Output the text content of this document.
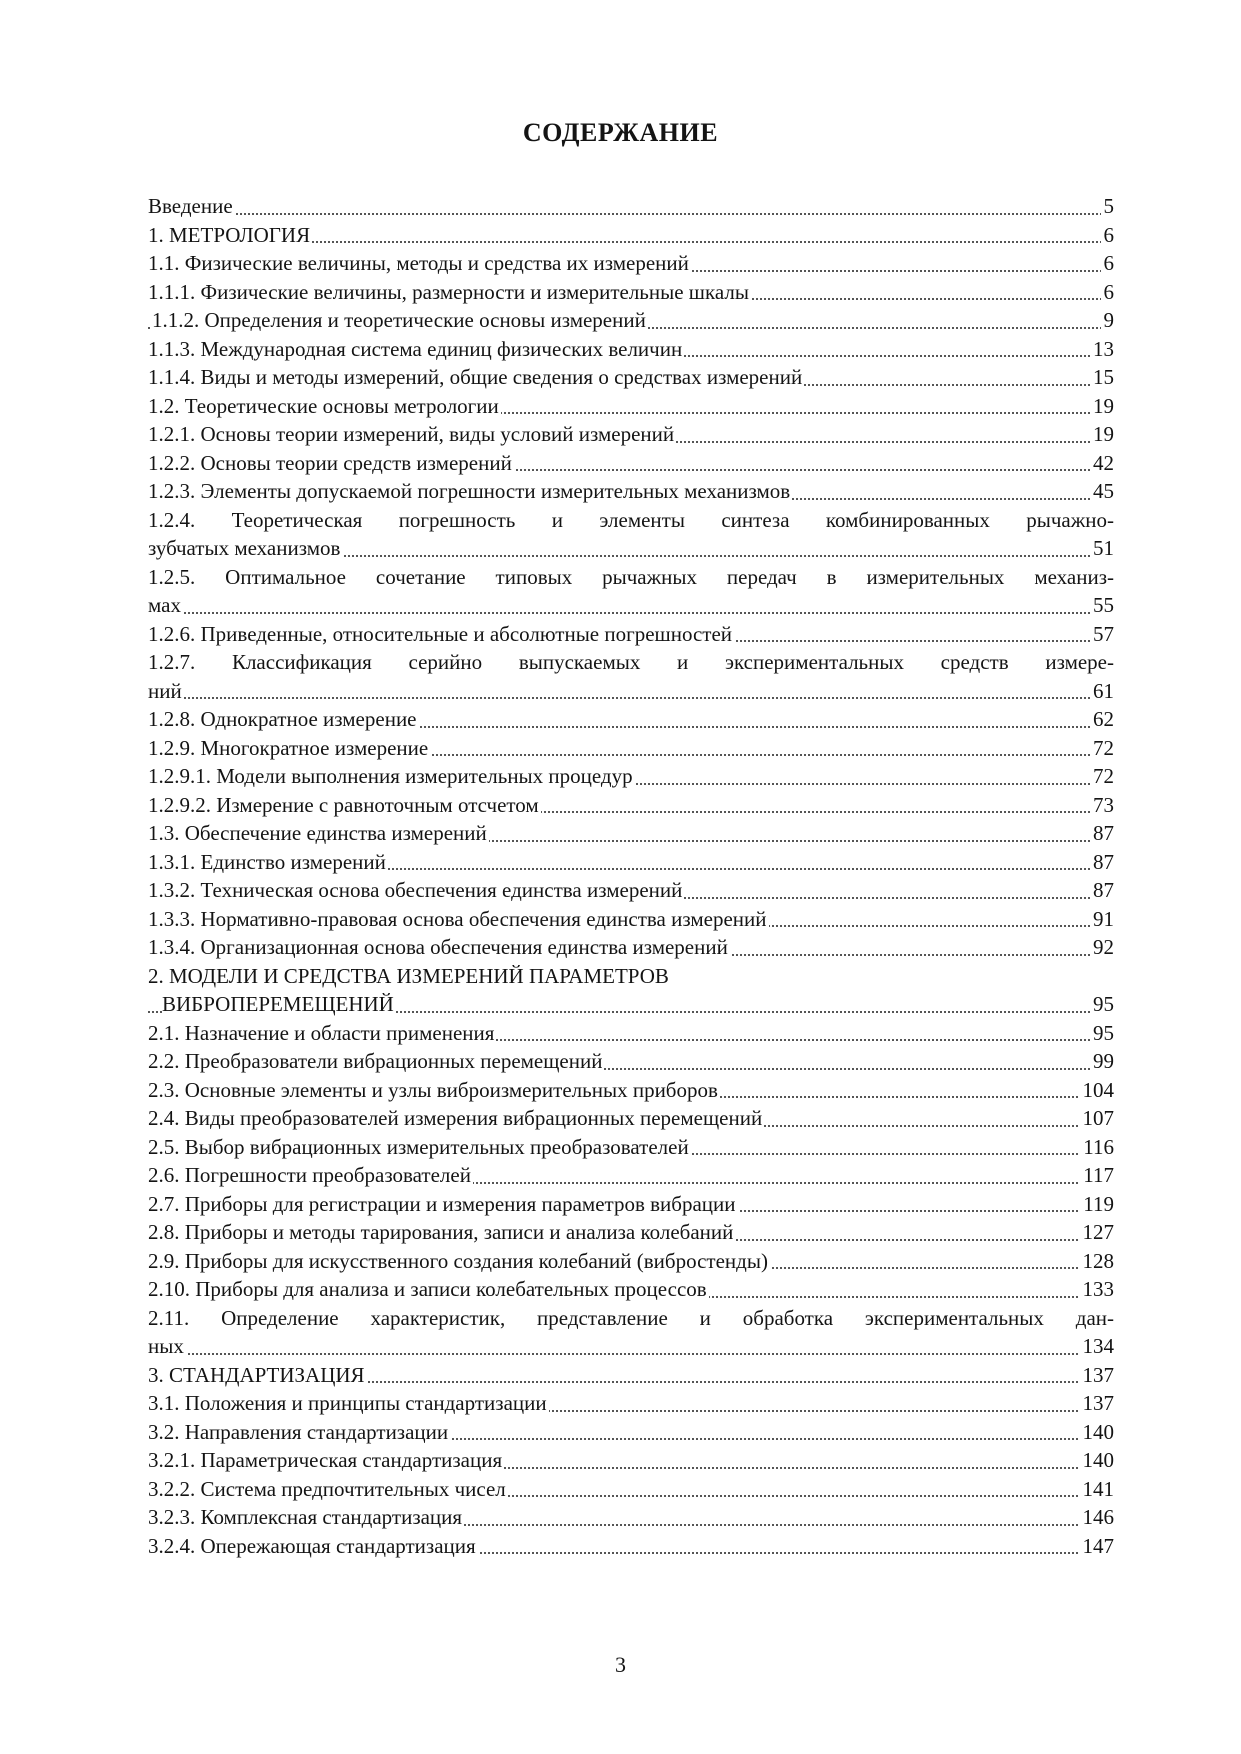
СОДЕРЖАНИЕ
Введение	5
1. МЕТРОЛОГИЯ	6
1.1. Физические величины, методы и средства их измерений	6
1.1.1. Физические величины, размерности и измерительные шкалы	6
1.1.2. Определения и теоретические основы измерений	9
1.1.3. Международная система единиц физических величин	13
1.1.4. Виды и методы измерений, общие сведения о средствах измерений	15
1.2. Теоретические основы метрологии	19
1.2.1. Основы теории измерений, виды условий измерений	19
1.2.2. Основы теории средств измерений	42
1.2.3. Элементы допускаемой погрешности измерительных механизмов	45
1.2.4. Теоретическая погрешность и элементы синтеза комбинированных рычажно-
зубчатых механизмов	51
1.2.5. Оптимальное сочетание типовых рычажных передач в измерительных механиз-
мах	55
1.2.6. Приведенные, относительные и абсолютные погрешностей	57
1.2.7. Классификация серийно выпускаемых и экспериментальных средств измере-
ний	61
1.2.8. Однократное измерение	62
1.2.9. Многократное измерение	72
1.2.9.1. Модели выполнения измерительных процедур	72
1.2.9.2. Измерение с равноточным отсчетом	73
1.3. Обеспечение единства измерений	87
1.3.1. Единство измерений	87
1.3.2. Техническая основа обеспечения единства измерений	87
1.3.3. Нормативно-правовая основа обеспечения единства измерений	91
1.3.4. Организационная основа обеспечения единства измерений	92
2. МОДЕЛИ И СРЕДСТВА ИЗМЕРЕНИЙ ПАРАМЕТРОВ
ВИБРОПЕРЕМЕЩЕНИЙ	95
2.1. Назначение и области применения	95
2.2. Преобразователи вибрационных перемещений	99
2.3. Основные элементы и узлы виброизмерительных приборов	104
2.4. Виды преобразователей измерения вибрационных перемещений	107
2.5. Выбор вибрационных измерительных преобразователей	116
2.6. Погрешности преобразователей	117
2.7. Приборы для регистрации и измерения параметров вибрации	119
2.8. Приборы и методы тарирования, записи и анализа колебаний	127
2.9. Приборы для искусственного создания колебаний (вибростенды)	128
2.10. Приборы для анализа и записи колебательных процессов	133
2.11. Определение характеристик, представление и обработка экспериментальных дан-
ных	134
3. СТАНДАРТИЗАЦИЯ	137
3.1. Положения и принципы стандартизации	137
3.2. Направления стандартизации	140
3.2.1. Параметрическая стандартизация	140
3.2.2. Система предпочтительных чисел	141
3.2.3. Комплексная стандартизация	146
3.2.4. Опережающая стандартизация	147
3
